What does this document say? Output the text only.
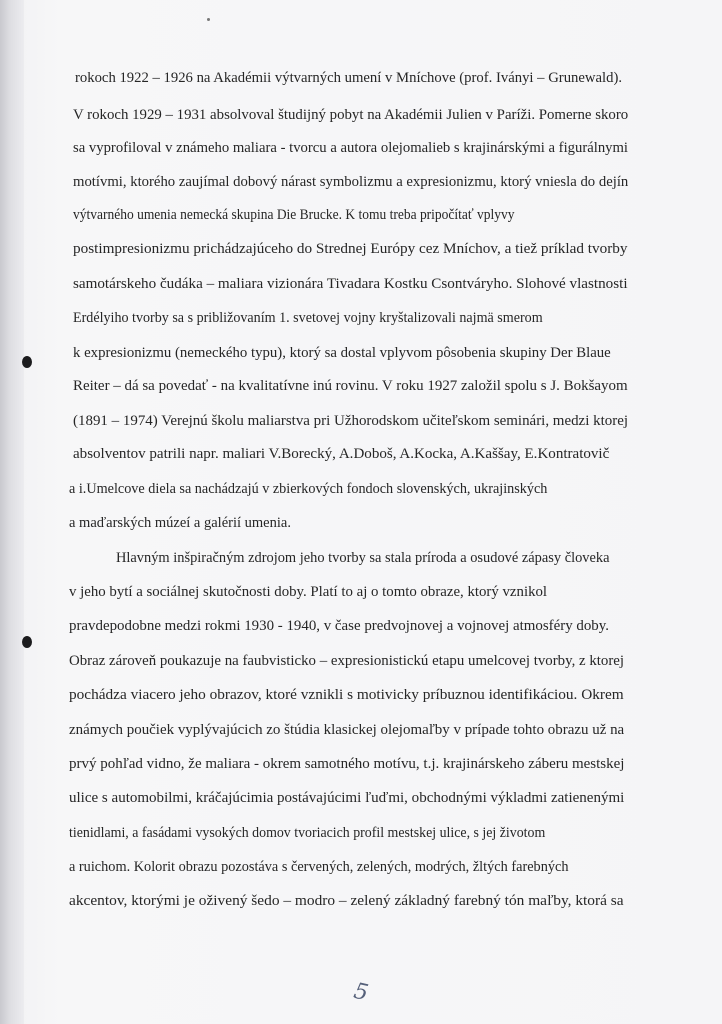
rokoch 1922 – 1926 na Akadémii výtvarných umení v Mníchove (prof. Iványi – Grunewald).
V rokoch 1929 – 1931 absolvoval študijný pobyt na Akadémii Julien v Paríži. Pomerne skoro
sa vyprofiloval v známeho maliara - tvorcu a autora olejomalieb s krajinárskými a figurálnymi
motívmi, ktorého zaujímal dobový nárast symbolizmu a expresionizmu, ktorý vniesla do dejín
výtvarného umenia nemecká skupina Die Brucke. K tomu treba pripočítať vplyvy
postimpresionizmu prichádzajúceho do Strednej Európy cez Mníchov, a tiež príklad tvorby
samotárskeho čudáka – maliara vizionára Tivadara Kostku Csontváryho. Slohové vlastnosti
Erdélyiho tvorby sa s približovaním 1. svetovej vojny kryštalizovali najmä smerom
k expresionizmu (nemeckého typu), ktorý sa dostal vplyvom pôsobenia skupiny Der Blaue
Reiter – dá sa povedať - na kvalitatívne inú rovinu. V roku 1927 založil spolu s J. Bokšayom
(1891 – 1974) Verejnú školu maliarstva pri Užhorodskom učiteľskom seminári, medzi ktorej
absolventov patrili napr. maliari V.Borecký, A.Doboš, A.Kocka, A.Kaššay, E.Kontratovič
a i.Umelcove diela sa nachádzajú v zbierkových fondoch slovenských, ukrajinských
a maďarských múzeí a galérií umenia.
Hlavným inšpiračným zdrojom jeho tvorby sa stala príroda a osudové zápasy človeka
v jeho bytí a sociálnej skutočnosti doby. Platí to aj o tomto obraze, ktorý vznikol
pravdepodobne medzi rokmi 1930 - 1940, v čase predvojnovej a vojnovej atmosféry doby.
Obraz zároveň poukazuje na faubvisticko – expresionistickú etapu umelcovej tvorby, z ktorej
pochádza viacero jeho obrazov, ktoré vznikli s motivicky príbuznou identifikáciou. Okrem
známych poučiek vyplývajúcich zo štúdia klasickej olejomaľby v prípade tohto obrazu už na
prvý pohľad vidno, že maliara - okrem samotného motívu, t.j. krajinárskeho záberu mestskej
ulice s automobilmi, kráčajúcimia postávajúcimi ľuďmi, obchodnými výkladmi zatienenými
tienidlami, a fasádami vysokých domov tvoriacich profil mestskej ulice, s jej životom
a ruichom. Kolorit obrazu pozostáva s červených, zelených, modrých, žltých farebných
akcentov, ktorými je oživený šedo – modro – zelený základný farebný tón maľby, ktorá sa
5
